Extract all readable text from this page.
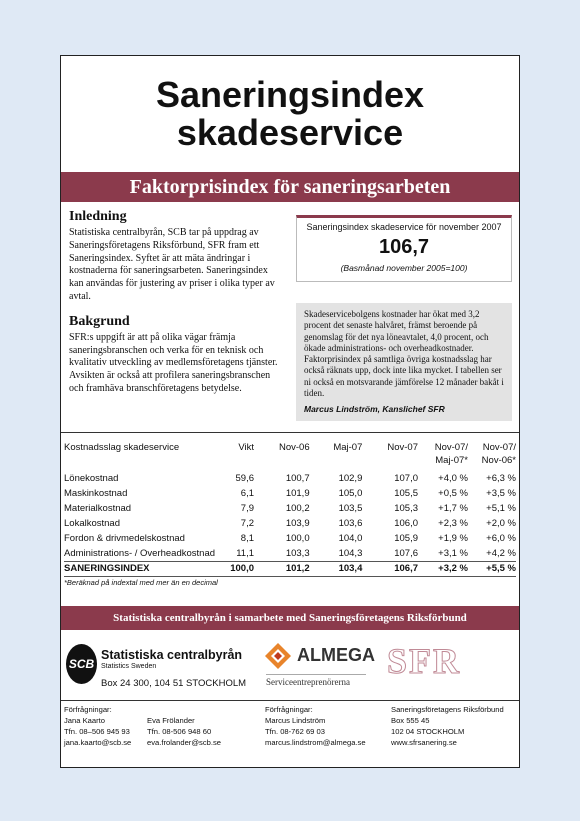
Saneringsindex
skadeservice
Faktorprisindex för saneringsarbeten
Inledning

Statistiska centralbyrån, SCB tar på uppdrag av Saneringsföretagens Riksförbund, SFR fram ett Saneringsindex. Syftet är att mäta ändringar i kostnaderna för saneringsarbeten. Saneringsindex kan användas för justering av priser i olika typer av avtal.

Bakgrund

SFR:s uppgift är att på olika vägar främja saneringsbranschen och verka för en teknisk och kvalitativ utveckling av medlemsföretagens tjänster. Avsikten är också att profilera saneringsbranschen och framhäva branschföretagens betydelse.

Saneringsindex skadeservice för november 2007
106,7
(Basmånad november 2005=100)
Skadeservicebolgens kostnader har ökat med 3,2 procent det senaste halvåret, främst beroende på genomslag för det nya löneavtalet, 4,0 procent, och ökade administrations- och overheadkostnader. Faktorprisindex på samtliga övriga kostnadsslag har också räknats upp, dock inte lika mycket. I tabellen ser ni också en motsvarande jämförelse 12 månader bakåt i tiden.
Marcus Lindström, Kanslichef SFR
Kostnadsslag skadeservice	Vikt	Nov-06	Maj-07	Nov-07	Nov-07/ Maj-07*	Nov-07/ Nov-06*
Lönekostnad	59,6	100,7	102,9	107,0	+4,0 %	+6,3 %
Maskinkostnad	6,1	101,9	105,0	105,5	+0,5 %	+3,5 %
Materialkostnad	7,9	100,2	103,5	105,3	+1,7 %	+5,1 %
Lokalkostnad	7,2	103,9	103,6	106,0	+2,3 %	+2,0 %
Fordon & drivmedelskostnad	8,1	100,0	104,0	105,9	+1,9 %	+6,0 %
Administrations- / Overheadkostnad	11,1	103,3	104,3	107,6	+3,1 %	+4,2 %
SANERINGSINDEX	100,0	101,2	103,4	106,7	+3,2 %	+5,5 %
*Beräknad på indextal med mer än en decimal
Statistiska centralbyrån i samarbete med Saneringsföretagens Riksförbund
SCB
Statistiska centralbyrån
Statistics Sweden
Box 24 300, 104 51 STOCKHOLM
ALMEGA
Serviceentreprenörerna
SFR
Förfrågningar:
Jana Kaarto
Tfn. 08–506 945 93
jana.kaarto@scb.se
Eva Frölander
Tfn. 08-506 948 60
eva.frolander@scb.se
Förfrågningar:
Marcus Lindström
Tfn. 08-762 69 03
marcus.lindstrom@almega.se
Saneringsföretagens Riksförbund
Box 555 45
102 04 STOCKHOLM
www.sfrsanering.se
